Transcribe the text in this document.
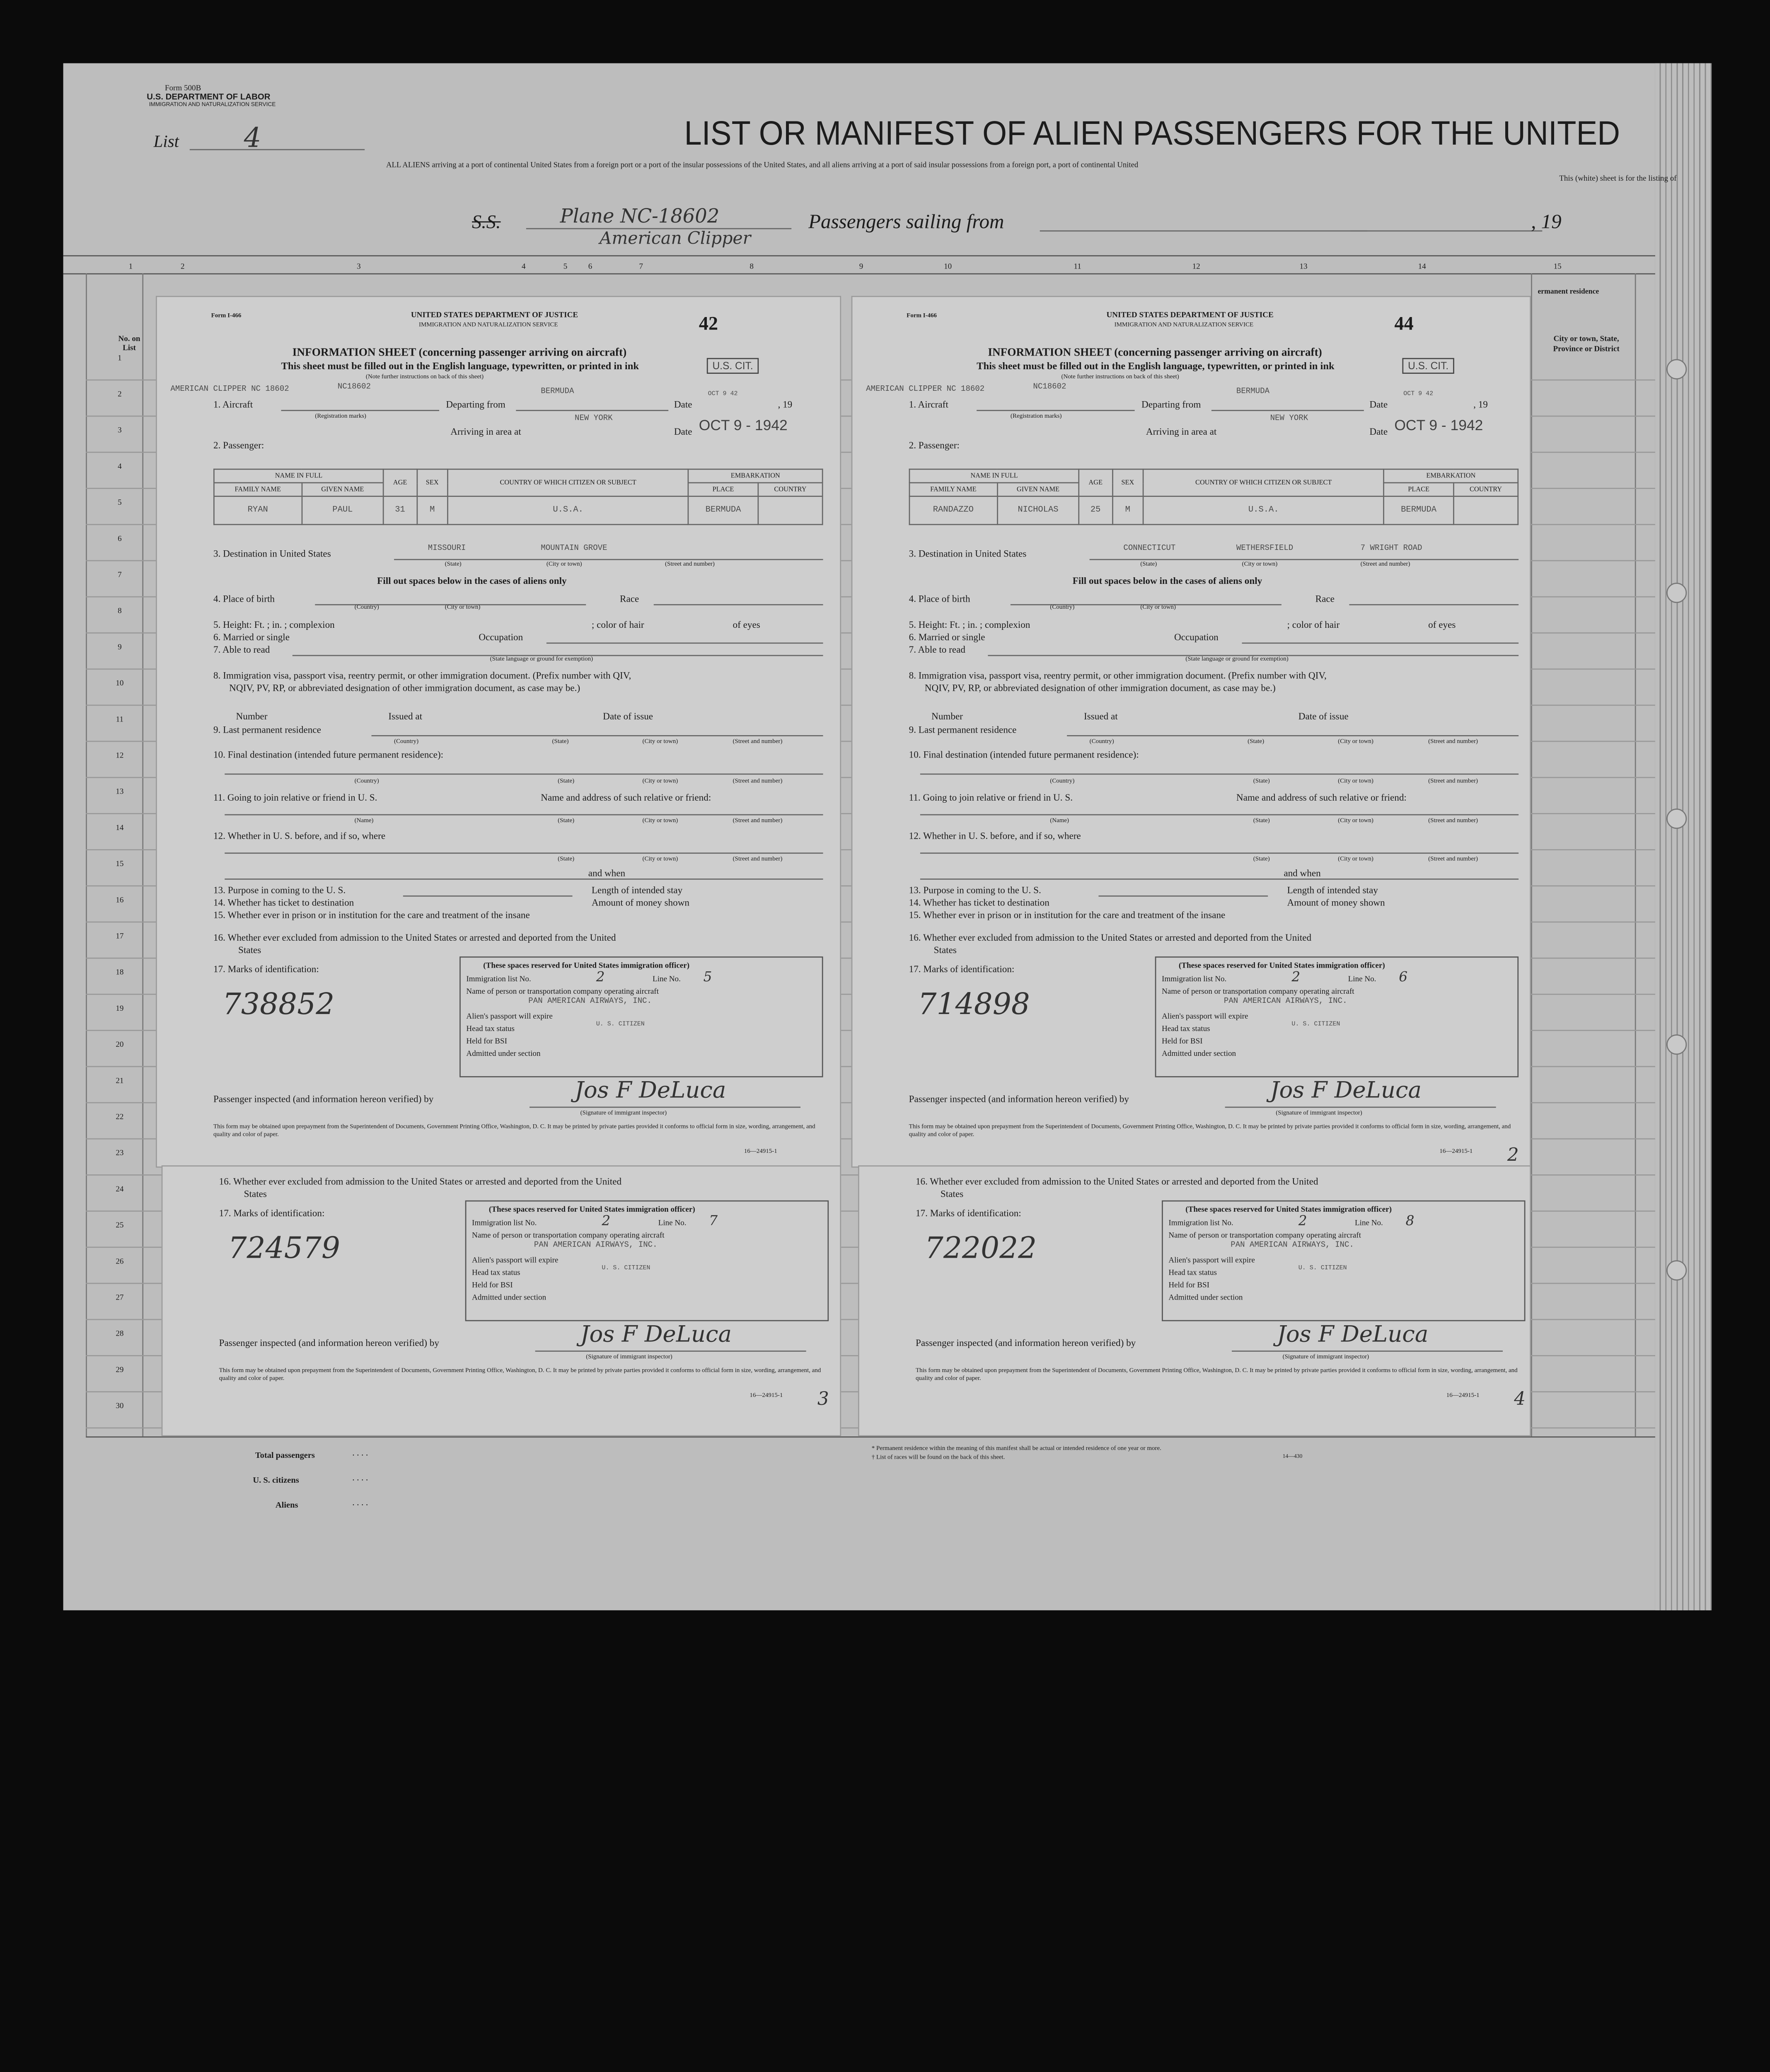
Form 500B
U.S. DEPARTMENT OF LABOR
IMMIGRATION AND NATURALIZATION SERVICE
List	4	LIST OR MANIFEST OF ALIEN PASSENGERS FOR THE UNITED
ALL ALIENS arriving at a port of continental United States from a foreign port or a port of the insular possessions of the United States, and all aliens arriving at a port of said insular possessions from a foreign port, a port of continental United
This (white) sheet is for the listing of
S.S.	Plane NC-18602
American Clipper
Passengers sailing from	, 19
1	2	3	4	5	6	7	8	9	10	11	12	13	14	15
No. on List
ermanent residence
City or town, State, Province or District
Total passengers	. . . .
U. S. citizens	. . . .
Aliens	. . . .
* Permanent residence within the meaning of this manifest shall be actual or intended residence of one year or more.
† List of races will be found on the back of this sheet.	14—430
1
2
3
4
5
6
7
8
9
10
11
12
13
14
15
16
17
18
19
20
21
22
23
24
25
26
27
28
29
30
Form I-466	UNITED STATES DEPARTMENT OF JUSTICE
IMMIGRATION AND NATURALIZATION SERVICE	42
INFORMATION SHEET (concerning passenger arriving on aircraft)
This sheet must be filled out in the English language, typewritten, or printed in ink	U.S. CIT.
(Note further instructions on back of this sheet)
AMERICAN CLIPPER NC 18602	NC18602
1. Aircraft
(Registration marks)
Departing from
BERMUDA
Date
OCT 9 42
, 19
Arriving in area at
NEW YORK
Date OCT 9 - 1942
2. Passenger:
NAME IN FULL		AGE	SEX	COUNTRY OF WHICH CITIZEN OR SUBJECT	EMBARKATION	
FAMILY NAME	GIVEN NAME				PLACE	COUNTRY
RYAN	PAUL	31	M	U.S.A.	BERMUDA	
3. Destination in United States	MISSOURI	MOUNTAIN GROVE
(State)	(City or town)	(Street and number)
Fill out spaces below in the cases of aliens only
4. Place of birth	Race
(Country)	(City or town)
5. Height: Ft. ; in. ; complexion	; color of hair	of eyes
6. Married or single	Occupation
7. Able to read
(State language or ground for exemption)
8. Immigration visa, passport visa, reentry permit, or other immigration document. (Prefix number with QIV,
NQIV, PV, RP, or abbreviated designation of other immigration document, as case may be.)
Number	Issued at	Date of issue
9. Last permanent residence
(Country)	(State)	(City or town)	(Street and number)
10. Final destination (intended future permanent residence):
(Country)	(State)	(City or town)	(Street and number)
11. Going to join relative or friend in U. S.	Name and address of such relative or friend:
(Name)	(State)	(City or town)	(Street and number)
12. Whether in U. S. before, and if so, where
(State)	(City or town)	(Street and number)
and when
13. Purpose in coming to the U. S.	Length of intended stay
14. Whether has ticket to destination	Amount of money shown
15. Whether ever in prison or in institution for the care and treatment of the insane
16. Whether ever excluded from admission to the United States or arrested and deported from the United
States
17. Marks of identification:
738852
(These spaces reserved for United States immigration officer)
Immigration list No.	2	Line No.	5
Name of person or transportation company operating aircraft
PAN AMERICAN AIRWAYS, INC.
Alien's passport will expire
Head tax status
U. S. CITIZEN
Held for BSI
Admitted under section
Passenger inspected (and information hereon verified) by	Jos F DeLuca
(Signature of immigrant inspector)
This form may be obtained upon prepayment from the Superintendent of Documents, Government Printing Office, Washington, D. C. It may be printed by private parties provided it conforms to official form in size, wording, arrangement, and quality and color of paper.
16—24915-1
Form I-466	UNITED STATES DEPARTMENT OF JUSTICE
IMMIGRATION AND NATURALIZATION SERVICE	44
INFORMATION SHEET (concerning passenger arriving on aircraft)
This sheet must be filled out in the English language, typewritten, or printed in ink	U.S. CIT.
(Note further instructions on back of this sheet)
AMERICAN CLIPPER NC 18602	NC18602
1. Aircraft
(Registration marks)
Departing from
BERMUDA
Date
OCT 9 42
, 19
Arriving in area at
NEW YORK
Date OCT 9 - 1942
2. Passenger:
NAME IN FULL		AGE	SEX	COUNTRY OF WHICH CITIZEN OR SUBJECT	EMBARKATION	
FAMILY NAME	GIVEN NAME				PLACE	COUNTRY
RANDAZZO	NICHOLAS	25	M	U.S.A.	BERMUDA	
3. Destination in United States	CONNECTICUT	WETHERSFIELD	7 WRIGHT ROAD
(State)	(City or town)	(Street and number)
Fill out spaces below in the cases of aliens only
4. Place of birth	Race
(Country)	(City or town)
5. Height: Ft. ; in. ; complexion	; color of hair	of eyes
6. Married or single	Occupation
7. Able to read
(State language or ground for exemption)
8. Immigration visa, passport visa, reentry permit, or other immigration document. (Prefix number with QIV,
NQIV, PV, RP, or abbreviated designation of other immigration document, as case may be.)
Number	Issued at	Date of issue
9. Last permanent residence
(Country)	(State)	(City or town)	(Street and number)
10. Final destination (intended future permanent residence):
(Country)	(State)	(City or town)	(Street and number)
11. Going to join relative or friend in U. S.	Name and address of such relative or friend:
(Name)	(State)	(City or town)	(Street and number)
12. Whether in U. S. before, and if so, where
(State)	(City or town)	(Street and number)
and when
13. Purpose in coming to the U. S.	Length of intended stay
14. Whether has ticket to destination	Amount of money shown
15. Whether ever in prison or in institution for the care and treatment of the insane
16. Whether ever excluded from admission to the United States or arrested and deported from the United
States
17. Marks of identification:
714898
(These spaces reserved for United States immigration officer)
Immigration list No.	2	Line No.	6
Name of person or transportation company operating aircraft
PAN AMERICAN AIRWAYS, INC.
Alien's passport will expire
Head tax status
U. S. CITIZEN
Held for BSI
Admitted under section
Passenger inspected (and information hereon verified) by	Jos F DeLuca
(Signature of immigrant inspector)
This form may be obtained upon prepayment from the Superintendent of Documents, Government Printing Office, Washington, D. C. It may be printed by private parties provided it conforms to official form in size, wording, arrangement, and quality and color of paper.
16—24915-1	2
16. Whether ever excluded from admission to the United States or arrested and deported from the United
States
17. Marks of identification:
724579
(These spaces reserved for United States immigration officer)
Immigration list No.	2	Line No.	7
Name of person or transportation company operating aircraft
PAN AMERICAN AIRWAYS, INC.
Alien's passport will expire
Head tax status
U. S. CITIZEN
Held for BSI
Admitted under section
Passenger inspected (and information hereon verified) by	Jos F DeLuca
(Signature of immigrant inspector)
This form may be obtained upon prepayment from the Superintendent of Documents, Government Printing Office, Washington, D. C. It may be printed by private parties provided it conforms to official form in size, wording, arrangement, and quality and color of paper.
16—24915-1	3
16. Whether ever excluded from admission to the United States or arrested and deported from the United
States
17. Marks of identification:
722022
(These spaces reserved for United States immigration officer)
Immigration list No.	2	Line No.	8
Name of person or transportation company operating aircraft
PAN AMERICAN AIRWAYS, INC.
Alien's passport will expire
Head tax status
U. S. CITIZEN
Held for BSI
Admitted under section
Passenger inspected (and information hereon verified) by	Jos F DeLuca
(Signature of immigrant inspector)
This form may be obtained upon prepayment from the Superintendent of Documents, Government Printing Office, Washington, D. C. It may be printed by private parties provided it conforms to official form in size, wording, arrangement, and quality and color of paper.
16—24915-1	4
